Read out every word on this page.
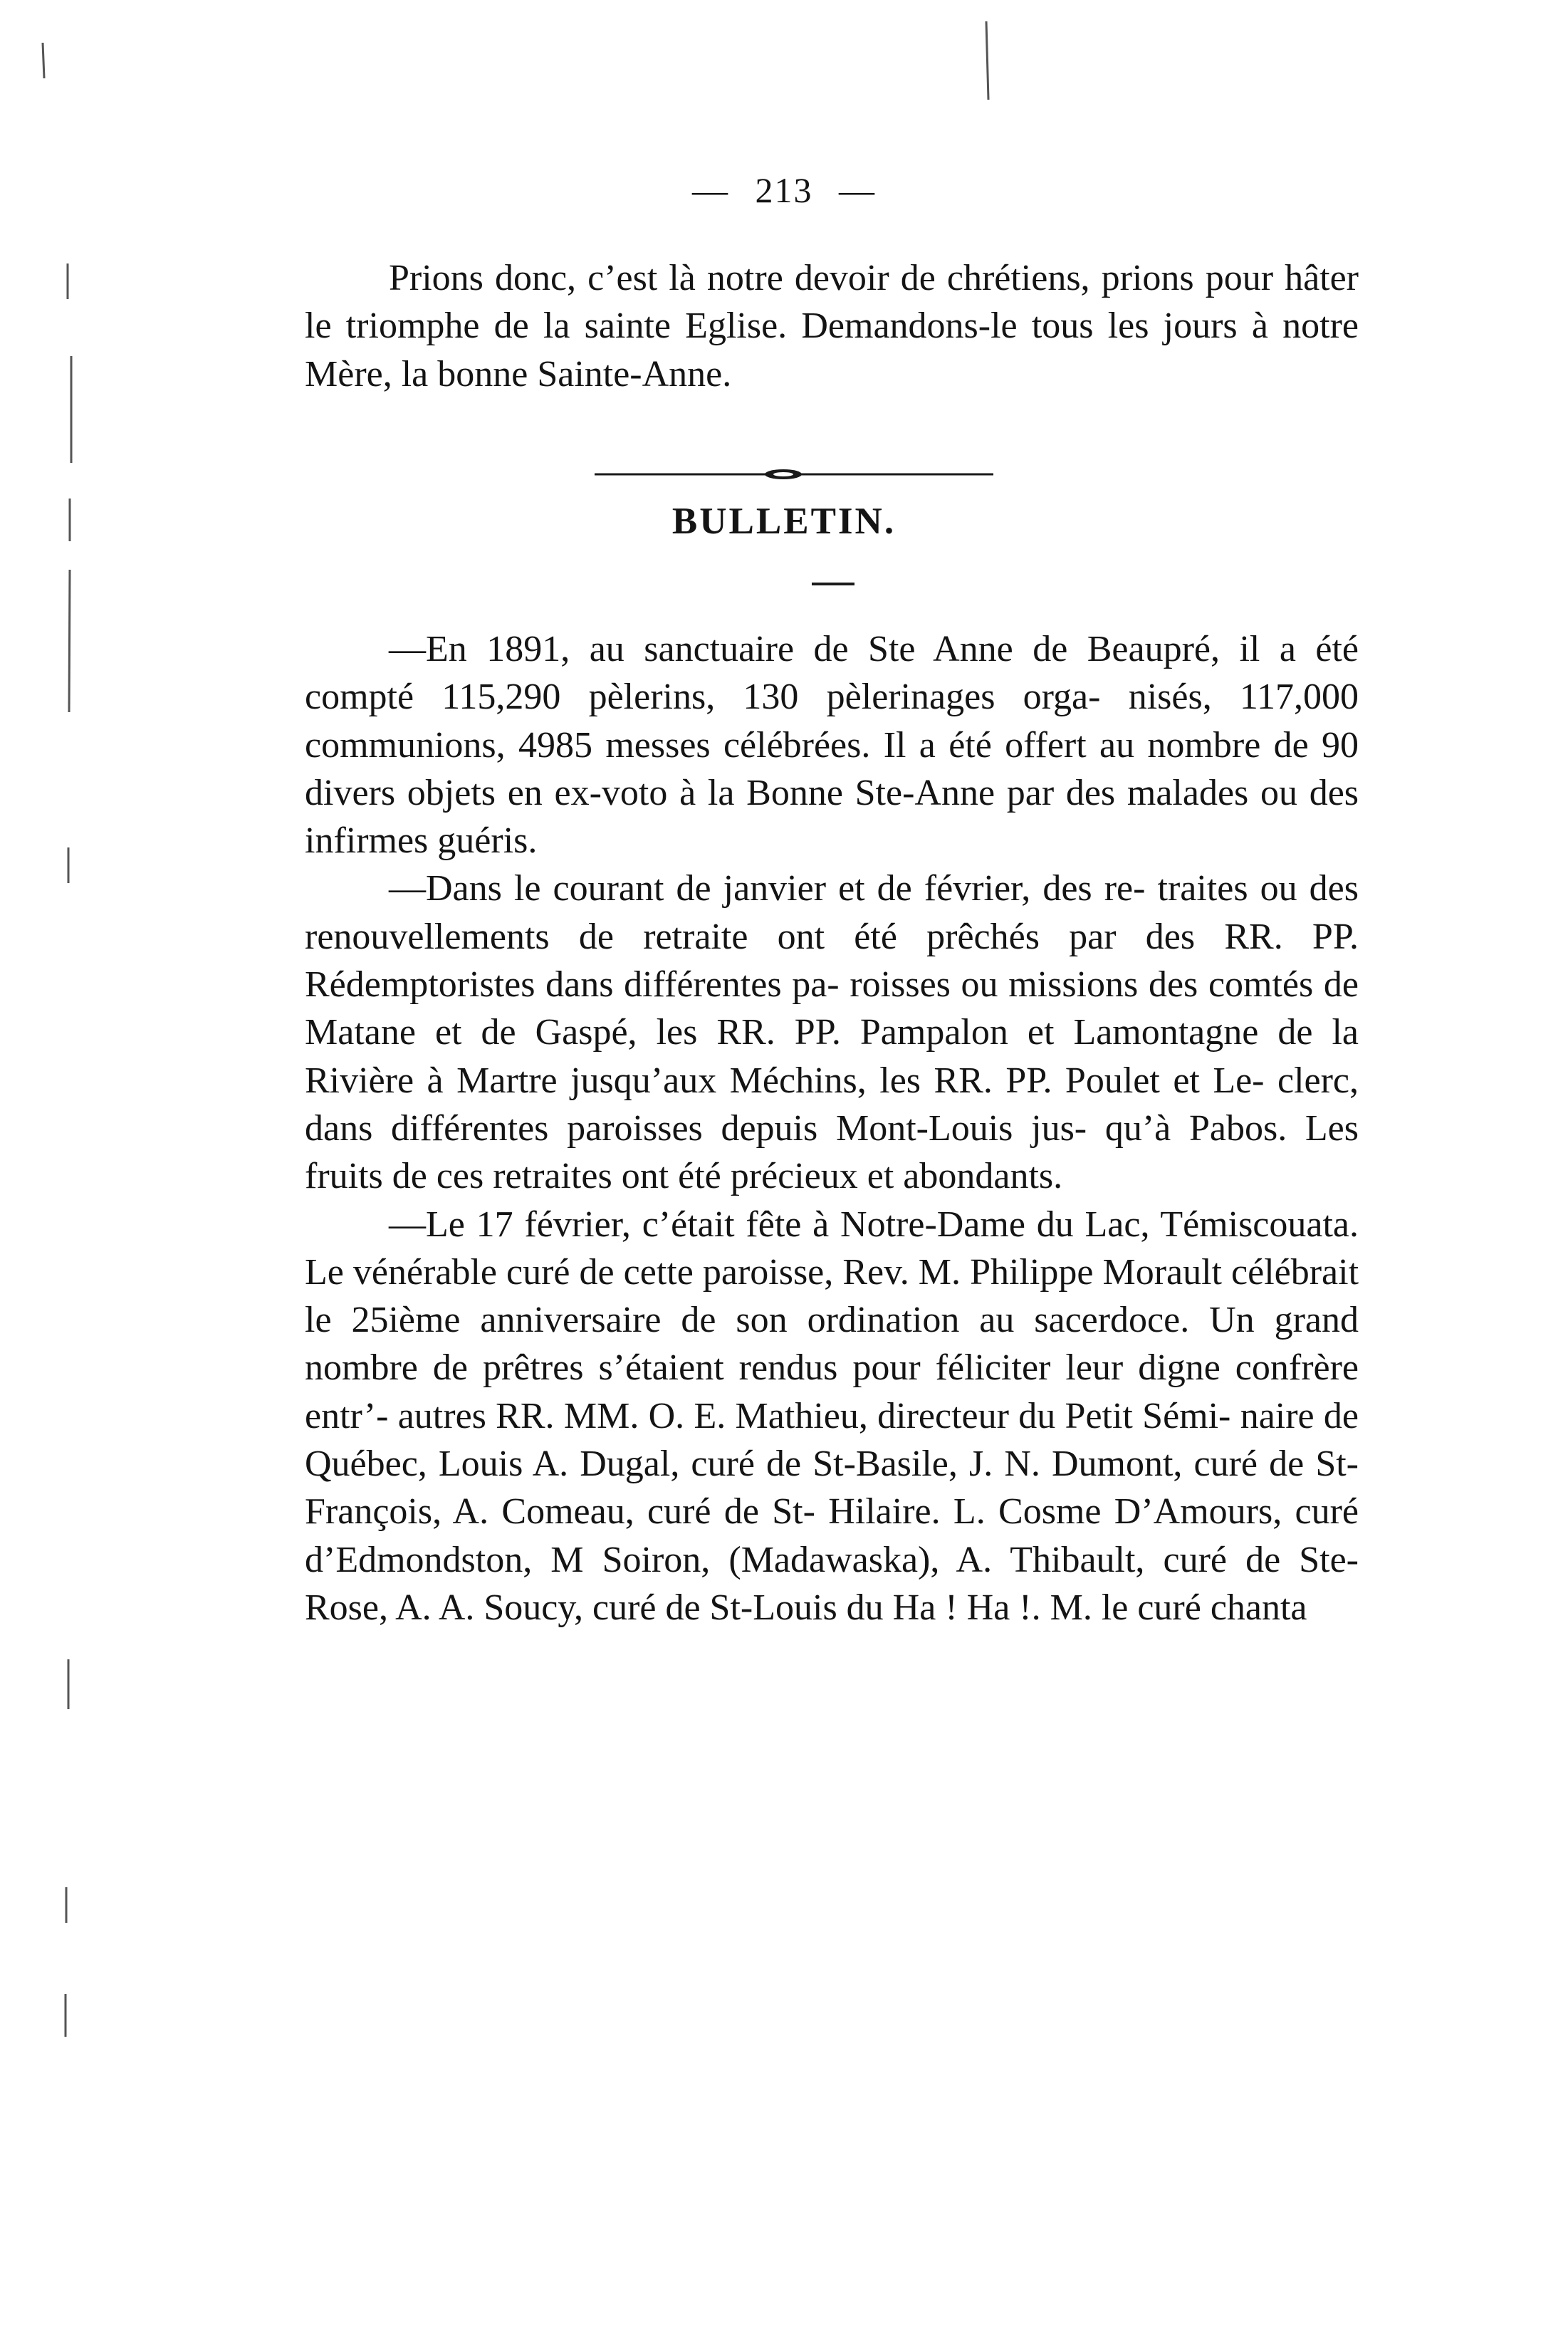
— 213 —

Prions donc, c’est là notre devoir de chrétiens, prions pour hâter le triomphe de la sainte Eglise. Demandons-le tous les jours à notre Mère, la bonne Sainte-Anne.

BULLETIN.

—En 1891, au sanctuaire de Ste Anne de Beaupré, il a été compté 115,290 pèlerins, 130 pèlerinages orga- nisés, 117,000 communions, 4985 messes célébrées. Il a été offert au nombre de 90 divers objets en ex-voto à la Bonne Ste-Anne par des malades ou des infirmes guéris.

—Dans le courant de janvier et de février, des re- traites ou des renouvellements de retraite ont été prêchés par des RR. PP. Rédemptoristes dans différentes pa- roisses ou missions des comtés de Matane et de Gaspé, les RR. PP. Pampalon et Lamontagne de la Rivière à Martre jusqu’aux Méchins, les RR. PP. Poulet et Le- clerc, dans différentes paroisses depuis Mont-Louis jus- qu’à Pabos. Les fruits de ces retraites ont été précieux et abondants.

—Le 17 février, c’était fête à Notre-Dame du Lac, Témiscouata. Le vénérable curé de cette paroisse, Rev. M. Philippe Morault célébrait le 25ième anniversaire de son ordination au sacerdoce. Un grand nombre de prêtres s’étaient rendus pour féliciter leur digne confrère entr’- autres RR. MM. O. E. Mathieu, directeur du Petit Sémi- naire de Québec, Louis A. Dugal, curé de St-Basile, J. N. Dumont, curé de St-François, A. Comeau, curé de St- Hilaire. L. Cosme D’Amours, curé d’Edmondston, M Soiron, (Madawaska), A. Thibault, curé de Ste-Rose, A. A. Soucy, curé de St-Louis du Ha ! Ha !. M. le curé chanta
